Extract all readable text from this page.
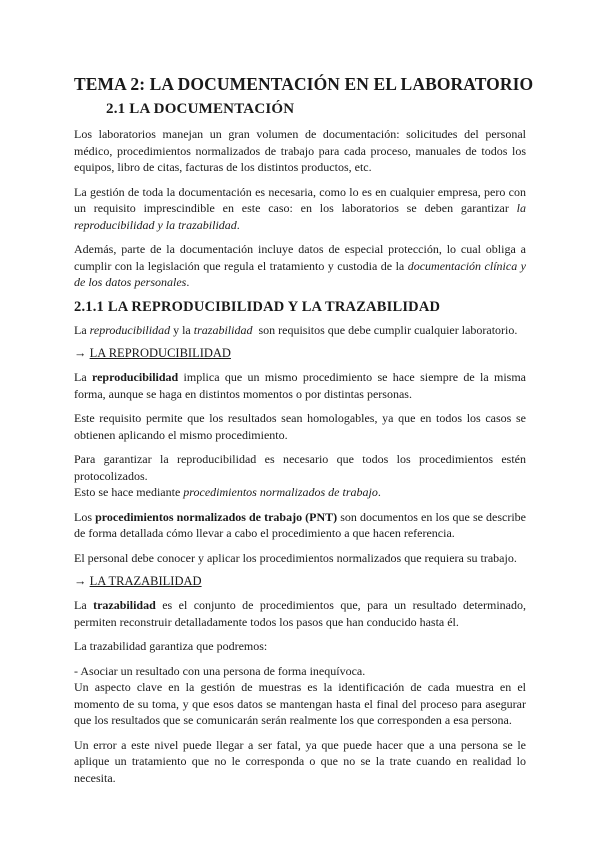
TEMA 2: LA DOCUMENTACIÓN EN EL LABORATORIO
2.1 LA DOCUMENTACIÓN

Los laboratorios manejan un gran volumen de documentación: solicitudes del personal médico, procedimientos normalizados de trabajo para cada proceso, manuales de todos los equipos, libro de citas, facturas de los distintos productos, etc.

La gestión de toda la documentación es necesaria, como lo es en cualquier empresa, pero con un requisito imprescindible en este caso: en los laboratorios se deben garantizar la reproducibilidad y la trazabilidad.

Además, parte de la documentación incluye datos de especial protección, lo cual obliga a cumplir con la legislación que regula el tratamiento y custodia de la documentación clínica y de los datos personales.

2.1.1 LA REPRODUCIBILIDAD Y LA TRAZABILIDAD

La reproducibilidad y la trazabilidad  son requisitos que debe cumplir cualquier laboratorio.

→ LA REPRODUCIBILIDAD

La reproducibilidad implica que un mismo procedimiento se hace siempre de la misma forma, aunque se haga en distintos momentos o por distintas personas.

Este requisito permite que los resultados sean homologables, ya que en todos los casos se obtienen aplicando el mismo procedimiento.

Para garantizar la reproducibilidad es necesario que todos los procedimientos estén protocolizados.
Esto se hace mediante procedimientos normalizados de trabajo.

Los procedimientos normalizados de trabajo (PNT) son documentos en los que se describe de forma detallada cómo llevar a cabo el procedimiento a que hacen referencia.

El personal debe conocer y aplicar los procedimientos normalizados que requiera su trabajo.

→ LA TRAZABILIDAD

La trazabilidad es el conjunto de procedimientos que, para un resultado determinado, permiten reconstruir detalladamente todos los pasos que han conducido hasta él.

La trazabilidad garantiza que podremos:

- Asociar un resultado con una persona de forma inequívoca.
Un aspecto clave en la gestión de muestras es la identificación de cada muestra en el momento de su toma, y que esos datos se mantengan hasta el final del proceso para asegurar que los resultados que se comunicarán serán realmente los que corresponden a esa persona.

Un error a este nivel puede llegar a ser fatal, ya que puede hacer que a una persona se le aplique un tratamiento que no le corresponda o que no se la trate cuando en realidad lo necesita.
